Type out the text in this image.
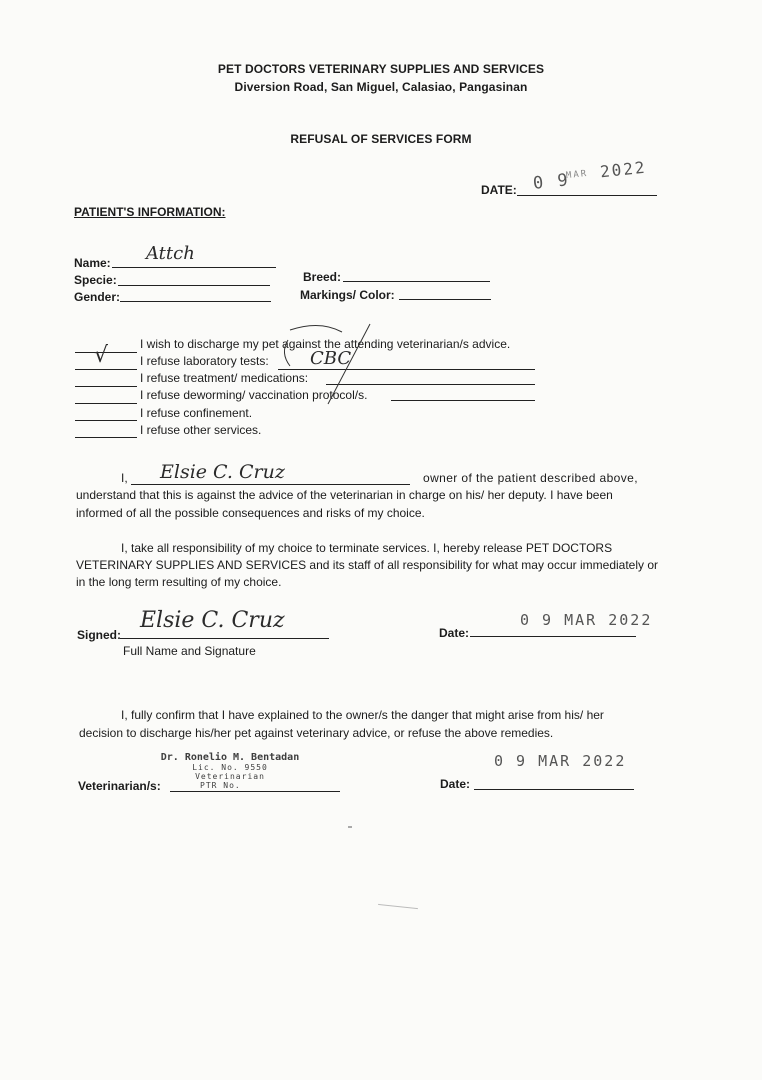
PET DOCTORS VETERINARY SUPPLIES AND SERVICES
Diversion Road, San Miguel, Calasiao, Pangasinan
REFUSAL OF SERVICES FORM
DATE: 0 9
MAR 2022
PATIENT'S INFORMATION:
Name: Attch
Specie:
Gender:
Breed:
Markings/ Color:
I wish to discharge my pet against the attending veterinarian/s advice.
√	I refuse laboratory tests: CBC
I refuse treatment/ medications:
I refuse deworming/ vaccination protocol/s.
I refuse confinement.
I refuse other services.
I, Elsie C. Cruz	owner of the patient described above,
understand that this is against the advice of the veterinarian in charge on his/ her deputy. I have been
informed of all the possible consequences and risks of my choice.
I, take all responsibility of my choice to terminate services. I, hereby release PET DOCTORS
VETERINARY SUPPLIES AND SERVICES and its staff of all responsibility for what may occur immediately or
in the long term resulting of my choice.
Signed:
Elsie C. Cruz
Full Name and Signature
Date:
0 9 MAR 2022
I, fully confirm that I have explained to the owner/s the danger that might arise from his/ her
decision to discharge his/her pet against veterinary advice, or refuse the above remedies.
Veterinarian/s:
Dr. Ronelio M. Bentadan
Lic. No. 9550
Veterinarian
PTR No.	Date:
0 9 MAR 2022
